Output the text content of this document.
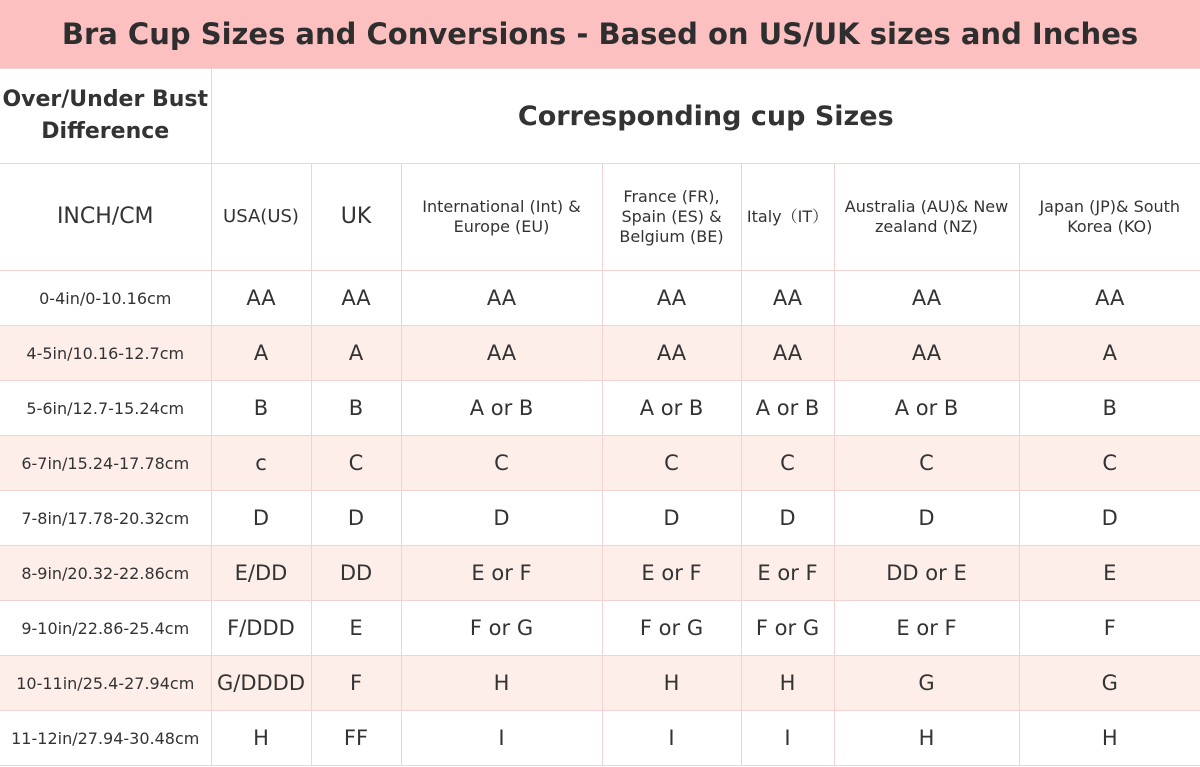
Bra Cup Sizes and Conversions - Based on US/UK sizes and Inches
Over/Under Bust Difference	Corresponding cup Sizes						
INCH/CM	USA(US)	UK	International (Int) & Europe (EU)	France (FR), Spain (ES) & Belgium (BE)	Italy（IT）	Australia (AU)& New zealand (NZ)	Japan (JP)& South Korea (KO)
0-4in/0-10.16cm	AA	AA	AA	AA	AA	AA	AA
4-5in/10.16-12.7cm	A	A	AA	AA	AA	AA	A
5-6in/12.7-15.24cm	B	B	A or B	A or B	A or B	A or B	B
6-7in/15.24-17.78cm	c	C	C	C	C	C	C
7-8in/17.78-20.32cm	D	D	D	D	D	D	D
8-9in/20.32-22.86cm	E/DD	DD	E or F	E or F	E or F	DD or E	E
9-10in/22.86-25.4cm	F/DDD	E	F or G	F or G	F or G	E or F	F
10-11in/25.4-27.94cm	G/DDDD	F	H	H	H	G	G
11-12in/27.94-30.48cm	H	FF	I	I	I	H	H
